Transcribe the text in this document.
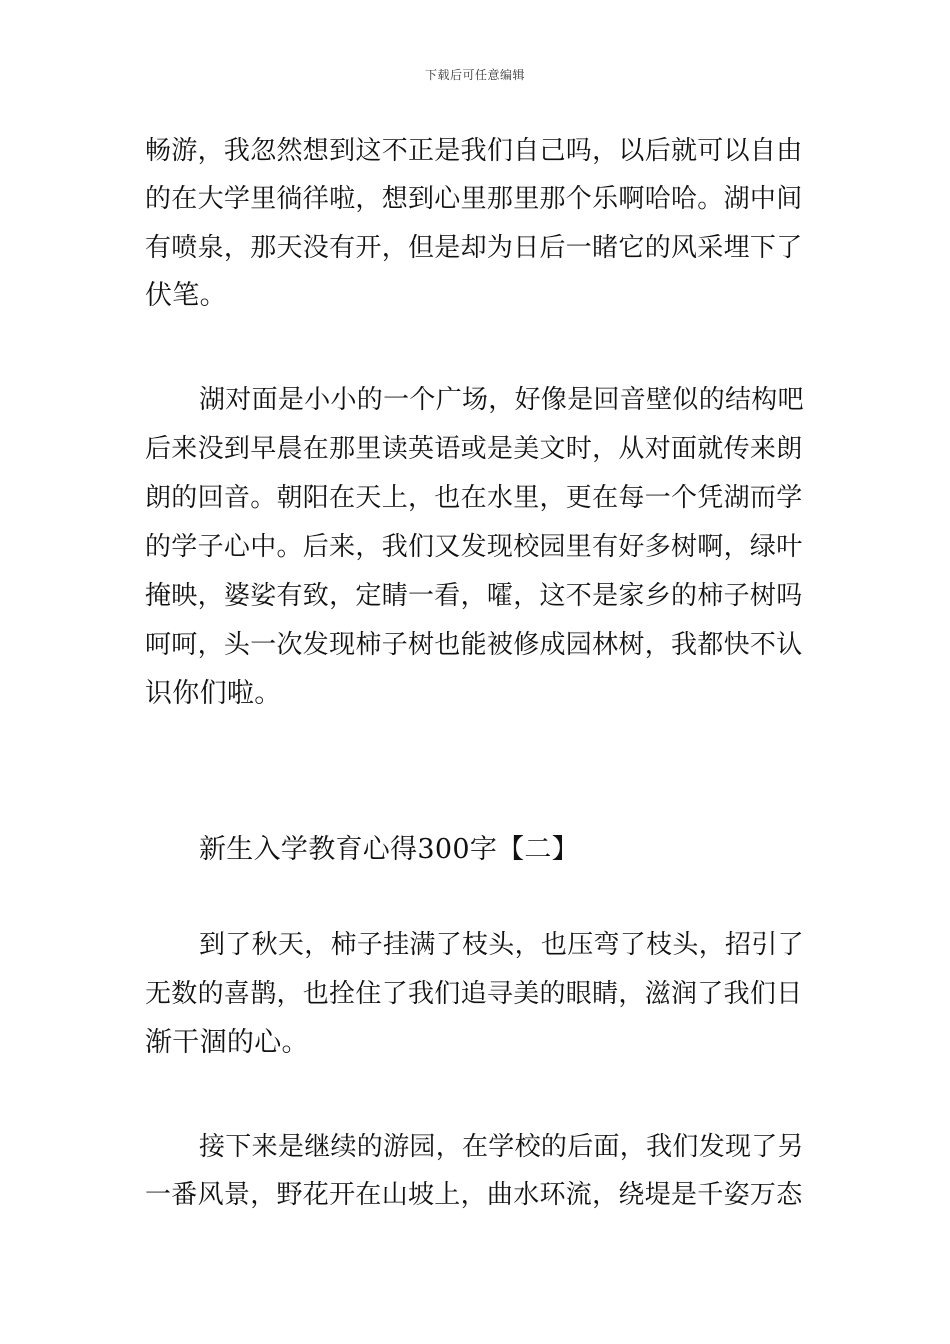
下载后可任意编辑
畅游，我忽然想到这不正是我们自己吗，以后就可以自由
的在大学里徜徉啦，想到心里那里那个乐啊哈哈。湖中间
有喷泉，那天没有开，但是却为日后一睹它的风采埋下了
伏笔。
湖对面是小小的一个广场，好像是回音壁似的结构吧
后来没到早晨在那里读英语或是美文时，从对面就传来朗
朗的回音。朝阳在天上，也在水里，更在每一个凭湖而学
的学子心中。后来，我们又发现校园里有好多树啊，绿叶
掩映，婆娑有致，定睛一看，嚯，这不是家乡的柿子树吗
呵呵，头一次发现柿子树也能被修成园林树，我都快不认
识你们啦。
新生入学教育心得300字【二】
到了秋天，柿子挂满了枝头，也压弯了枝头，招引了
无数的喜鹊，也拴住了我们追寻美的眼睛，滋润了我们日
渐干涸的心。
接下来是继续的游园，在学校的后面，我们发现了另
一番风景，野花开在山坡上，曲水环流，绕堤是千姿万态
